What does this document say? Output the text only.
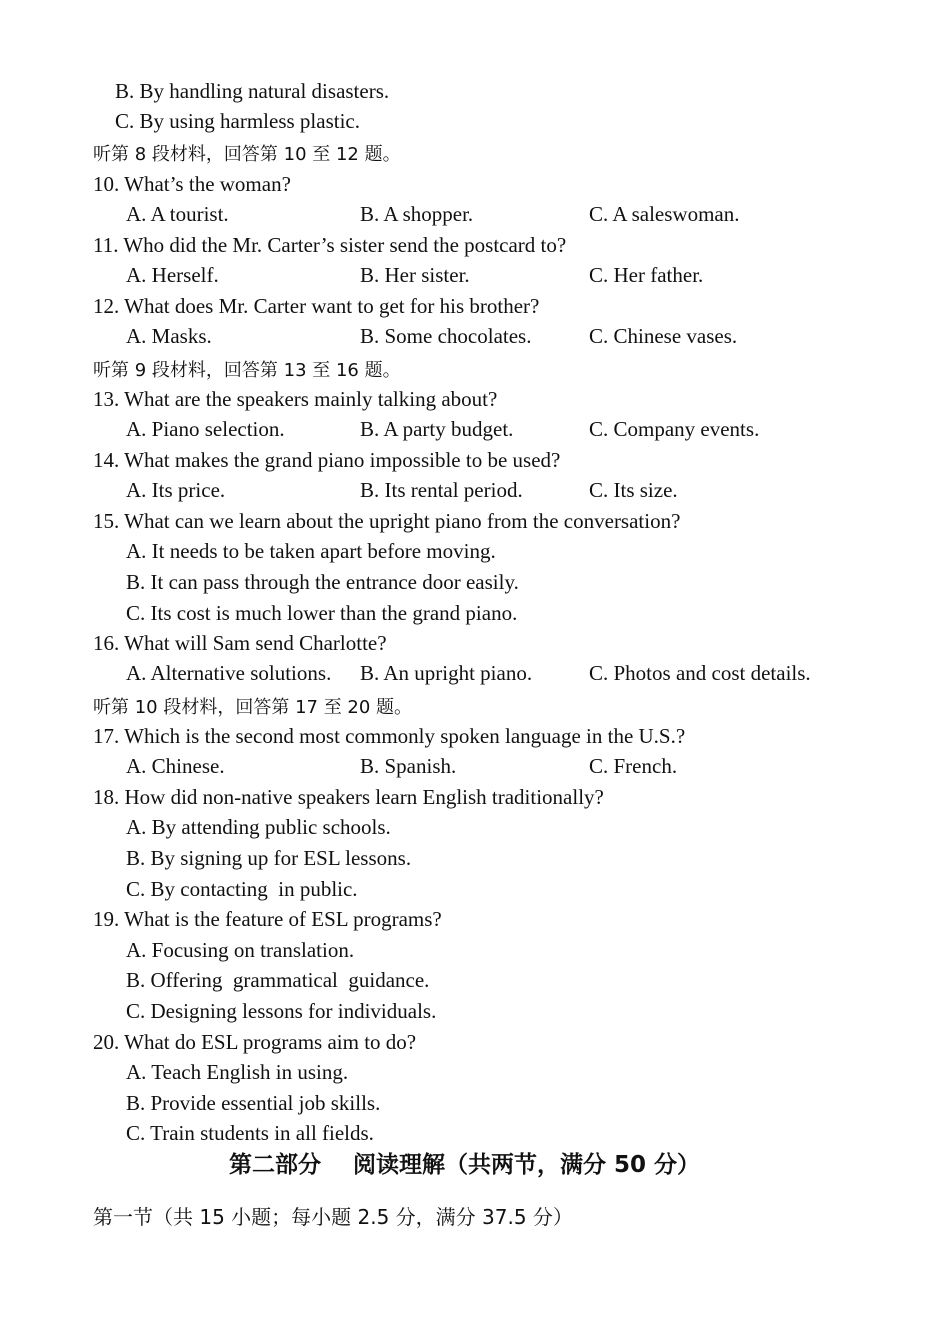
B. By handling natural disasters.
C. By using harmless plastic.
听第 8 段材料，回答第 10 至 12 题。
10. What’s the woman?
A. A tourist.	B. A shopper.	C. A saleswoman.
11. Who did the Mr. Carter’s sister send the postcard to?
A. Herself.	B. Her sister.	C. Her father.
12. What does Mr. Carter want to get for his brother?
A. Masks.	B. Some chocolates.	C. Chinese vases.
听第 9 段材料，回答第 13 至 16 题。
13. What are the speakers mainly talking about?
A. Piano selection.	B. A party budget.	C. Company events.
14. What makes the grand piano impossible to be used?
A. Its price.	B. Its rental period.	C. Its size.
15. What can we learn about the upright piano from the conversation?
A. It needs to be taken apart before moving.
B. It can pass through the entrance door easily.
C. Its cost is much lower than the grand piano.
16. What will Sam send Charlotte?
A. Alternative solutions. B. An upright piano.	C. Photos and cost details.
听第 10 段材料，回答第 17 至 20 题。
17. Which is the second most commonly spoken language in the U.S.?
A. Chinese.	B. Spanish.	C. French.
18. How did non-native speakers learn English traditionally?
A. By attending public schools.
B. By signing up for ESL lessons.
C. By contacting  in public.
19. What is the feature of ESL programs?
A. Focusing on translation.
B. Offering  grammatical  guidance.
C. Designing lessons for individuals.
20. What do ESL programs aim to do?
A. Teach English in using.
B. Provide essential job skills.
C. Train students in all fields.
第二部分    阅读理解（共两节，满分 50 分）
第一节（共 15 小题；每小题 2.5 分，满分 37.5 分）
